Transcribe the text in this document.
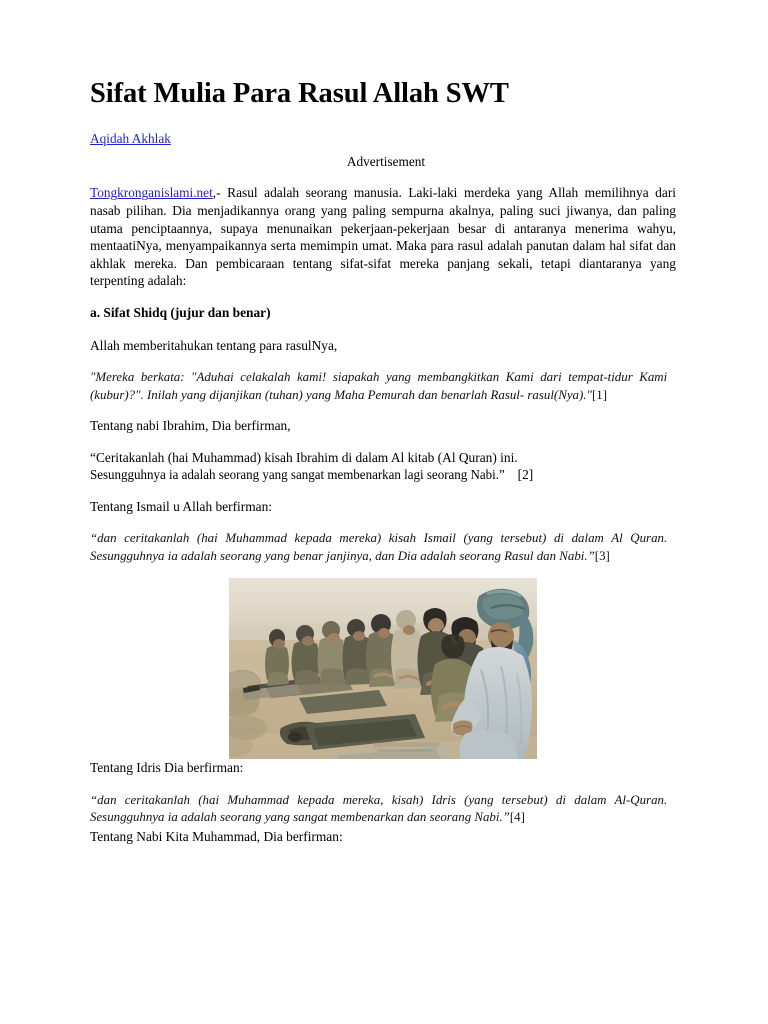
Sifat Mulia Para Rasul Allah SWT

Aqidah Akhlak

Advertisement

Tongkronganislami.net,- Rasul adalah seorang manusia. Laki-laki merdeka yang Allah memilihnya dari nasab pilihan. Dia menjadikannya orang yang paling sempurna akalnya, paling suci jiwanya, dan paling utama penciptaannya, supaya menunaikan pekerjaan-pekerjaan besar di antaranya menerima wahyu, mentaatiNya, menyampaikannya serta memimpin umat. Maka para rasul adalah panutan dalam hal sifat dan akhlak mereka. Dan pembicaraan tentang sifat-sifat mereka panjang sekali, tetapi diantaranya yang terpenting adalah:

a. Sifat Shidq (jujur dan benar)

Allah memberitahukan tentang para rasulNya,

"Mereka berkata: "Aduhai celakalah kami! siapakah yang membangkitkan Kami dari tempat-tidur Kami (kubur)?". Inilah yang dijanjikan (tuhan) yang Maha Pemurah dan benarlah Rasul- rasul(Nya)."[1]

Tentang nabi Ibrahim, Dia berfirman,

“Ceritakanlah (hai Muhammad) kisah Ibrahim di dalam Al kitab (Al Quran) ini.
Sesungguhnya ia adalah seorang yang sangat membenarkan lagi seorang Nabi.” [2]

Tentang Ismail u Allah berfirman:

“dan ceritakanlah (hai Muhammad kepada mereka) kisah Ismail (yang tersebut) di dalam Al Quran. Sesungguhnya ia adalah seorang yang benar janjinya, dan Dia adalah seorang Rasul dan Nabi.”[3]

Tentang Idris Dia berfirman:

“dan ceritakanlah (hai Muhammad kepada mereka, kisah) Idris (yang tersebut) di dalam Al-Quran. Sesungguhnya ia adalah seorang yang sangat membenarkan dan seorang Nabi.”[4]

Tentang Nabi Kita Muhammad, Dia berfirman:
